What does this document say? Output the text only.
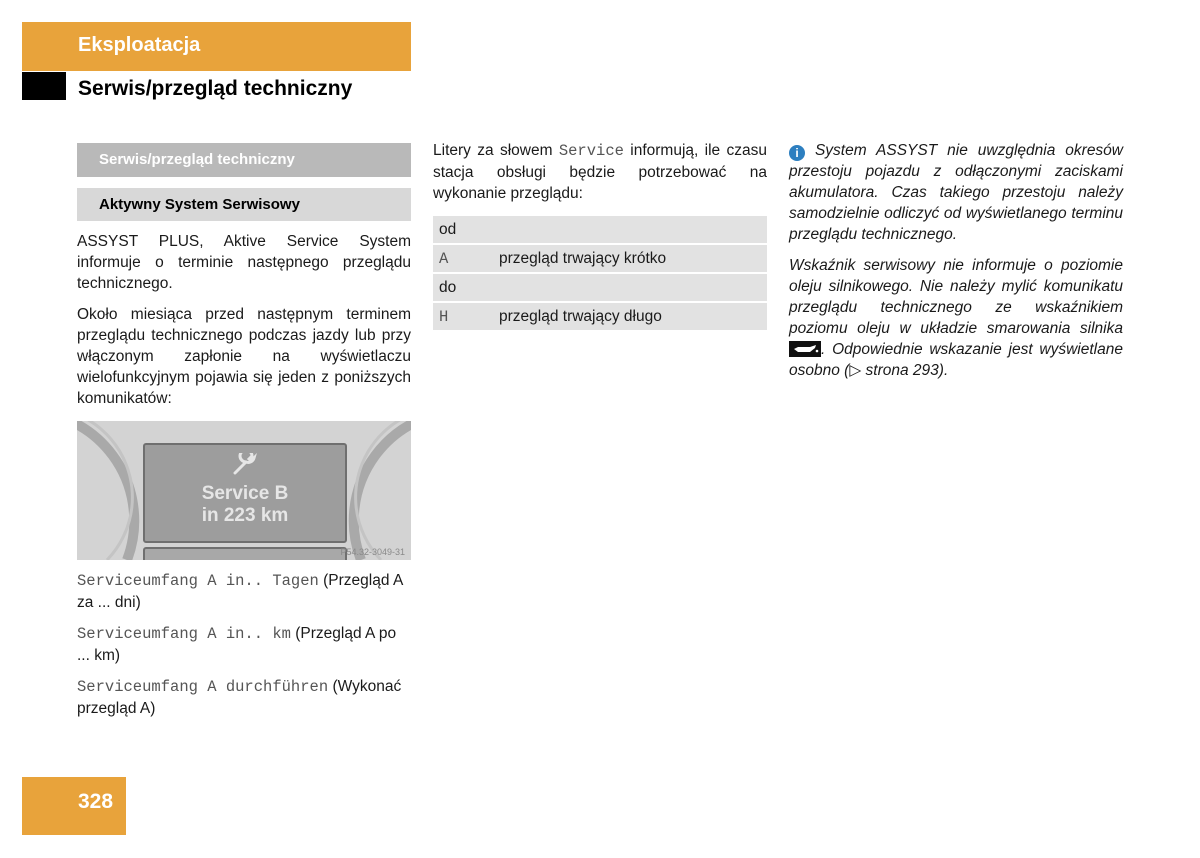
Eksploatacja
Serwis/przegląd techniczny
Serwis/przegląd techniczny
Aktywny System Serwisowy

ASSYST PLUS, Aktive Service System informuje o terminie następnego przeglądu technicznego.

Około miesiąca przed następnym terminem przeglądu technicznego podczas jazdy lub przy włączonym zapłonie na wyświetlaczu wielofunkcyjnym pojawia się jeden z poniższych komunikatów:

Service B
in 223 km
P54.32-3049-31

Serviceumfang A in.. Tagen (Przegląd A za ... dni)

Serviceumfang A in.. km (Przegląd A po ... km)

Serviceumfang A durchführen (Wykonać przegląd A)

Litery za słowem Service informują, ile czasu stacja obsługi będzie potrzebować na wykonanie przeglądu:

od	
A	przegląd trwający krótko
do	
H	przegląd trwający długo

i System ASSYST nie uwzględnia okresów przestoju pojazdu z odłączonymi zaciskami akumulatora. Czas takiego przestoju należy samodzielnie odliczyć od wyświetlanego terminu przeglądu technicznego.

Wskaźnik serwisowy nie informuje o poziomie oleju silnikowego. Nie należy mylić komunikatu przeglądu technicznego ze wskaźnikiem poziomu oleju w układzie smarowania silnika . Odpowiednie wskazanie jest wyświetlane osobno (▷ strona 293).

328
